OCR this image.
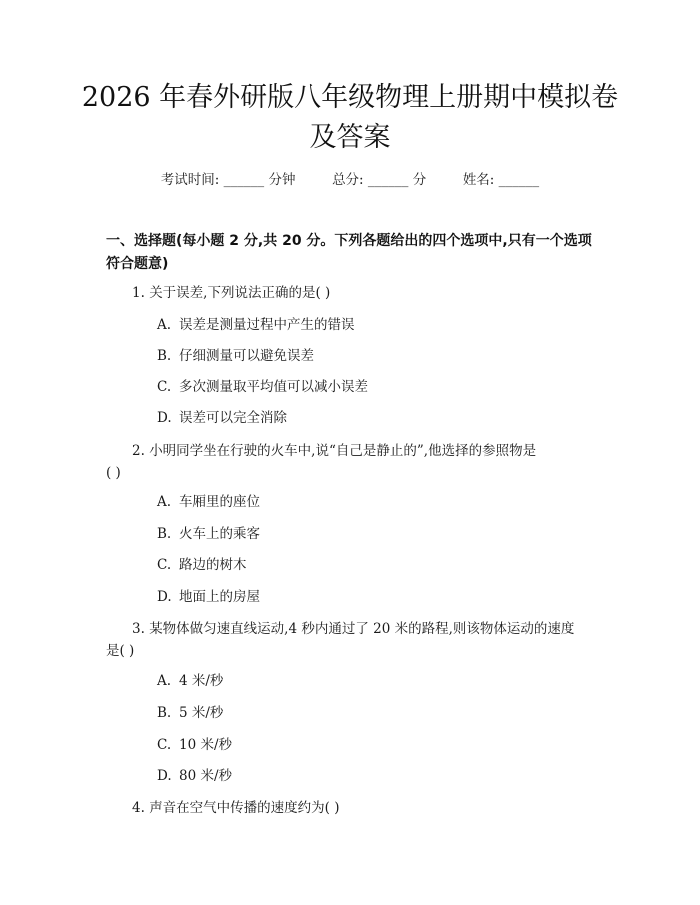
2026 年春外研版八年级物理上册期中模拟卷
及答案
考试时间: ______ 分钟	总分: ______ 分	姓名: ______
一、选择题(每小题 2 分,共 20 分。下列各题给出的四个选项中,只有一个选项
符合题意)
1. 关于误差,下列说法正确的是( )
A. 误差是测量过程中产生的错误
B. 仔细测量可以避免误差
C. 多次测量取平均值可以减小误差
D. 误差可以完全消除
2. 小明同学坐在行驶的火车中,说“自己是静止的”,他选择的参照物是
( )
A. 车厢里的座位
B. 火车上的乘客
C. 路边的树木
D. 地面上的房屋
3. 某物体做匀速直线运动,4 秒内通过了 20 米的路程,则该物体运动的速度
是( )
A. 4 米/秒
B. 5 米/秒
C. 10 米/秒
D. 80 米/秒
4. 声音在空气中传播的速度约为( )
